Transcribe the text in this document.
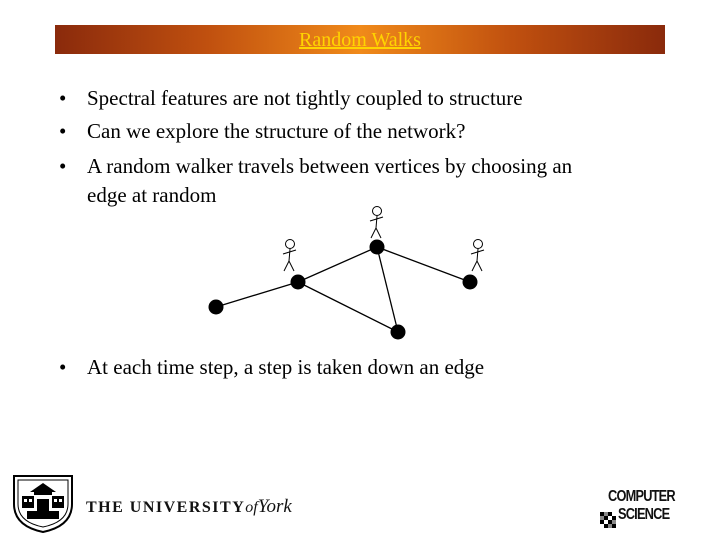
Random Walks
• Spectral features are not tightly coupled to structure
• Can we explore the structure of the network?
• A random walker travels between vertices by choosing an
edge at random
• At each time step, a step is taken down an edge
THE UNIVERSITYofYork	COMPUTER
SCIENCE
